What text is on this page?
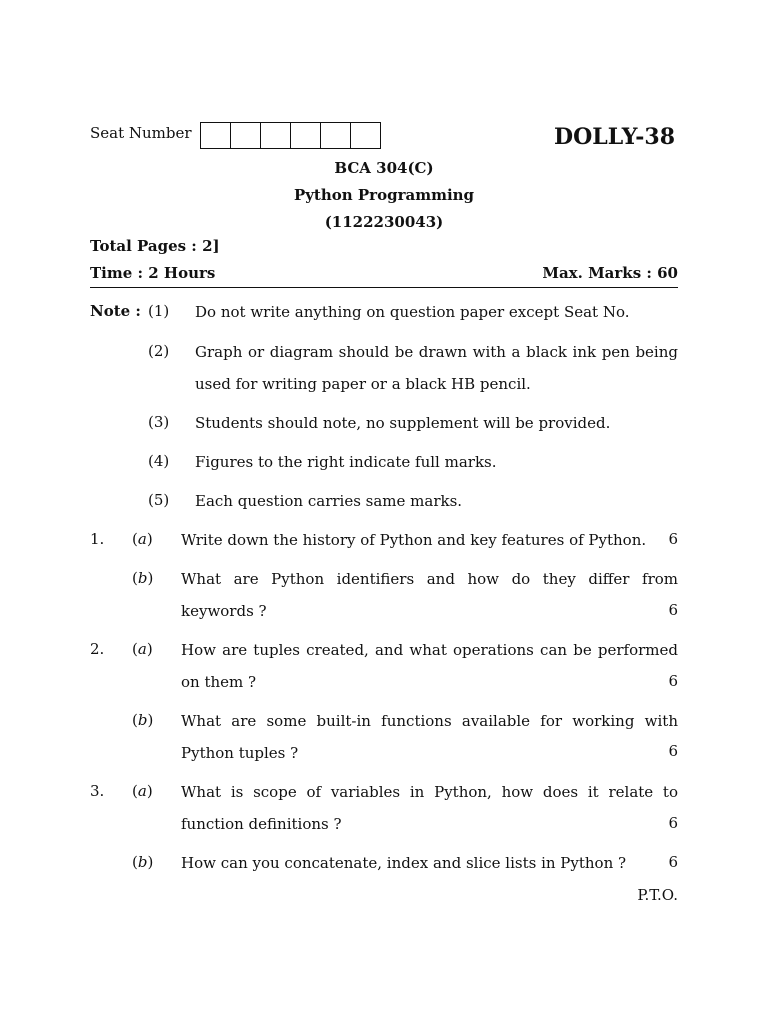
Seat Number	DOLLY-38
BCA 304(C)
Python Programming
(1122230043)
Total Pages : 2]
Time : 2 Hours	Max. Marks : 60
Note : (1) Do not write anything on question paper except Seat No.
(2) Graph or diagram should be drawn with a black ink pen being used for writing paper or a black HB pencil.
(3) Students should note, no supplement will be provided.
(4) Figures to the right indicate full marks.
(5) Each question carries same marks.
1. (a) Write down the history of Python and key features of Python.	6
(b) What are Python identifiers and how do they differ from keywords ?	6
2. (a) How are tuples created, and what operations can be performed on them ?	6
(b) What are some built-in functions available for working with Python tuples ?	6
3. (a) What is scope of variables in Python, how does it relate to function definitions ?	6
(b) How can you concatenate, index and slice lists in Python ?	6
P.T.O.
